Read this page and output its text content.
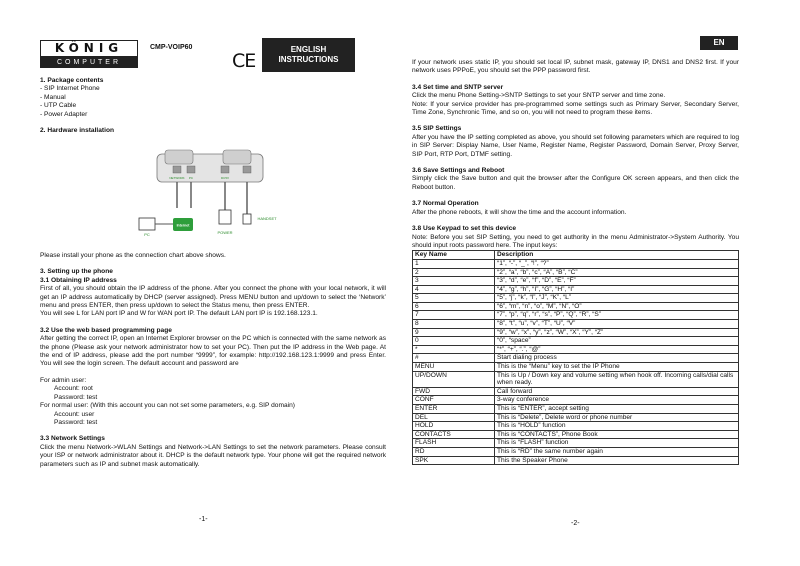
KÖNIG
COMPUTER
CMP-VOIP60
CE
ENGLISH
INSTRUCTIONS
EN

1. Package contents

- SIP Internet Phone

- Manual

- UTP Cable

- Power Adapter

2. Hardware installation

Please install your phone as the connection chart above shows.

3. Setting up the phone

3.1 Obtaining IP address

First of all, you should obtain the IP address of the phone. After you connect the phone with your local network, it will get an IP address automatically by DHCP (server assigned). Press MENU button and up/down to select the ‘Network’ menu and press ENTER, then press up/down to select the Status menu, then press ENTER.

You will see L for LAN port IP and W for WAN port IP. The default LAN port IP is 192.168.123.1.

3.2 Use the web based programming page

After getting the correct IP, open an Internet Explorer browser on the PC which is connected with the same network as the phone (Please ask your network administrator how to set your PC). Then put the IP address in the Web page. At the end of IP address, please add the port number “9999”, for example: http://192.168.123.1:9999 and press Enter. You will see the login screen. The default account and password are

For admin user:

Account: root

Password: test

For normal user: (With this account you can not set some parameters, e.g. SIP domain)

Account: user

Password: test

3.3 Network Settings

Click the menu Network->WLAN Settings and Network->LAN Settings to set the network parameters. Please consult your ISP or network administrator about it. DHCP is the default network type. Your phone will get the required network parameters such as IP and subnet mask automatically.

NETWORK PC	DC5V
Internet
PC	POWER
HANDSET
-1-

If your network uses static IP, you should set local IP, subnet mask, gateway IP, DNS1 and DNS2 first. If your network uses PPPoE, you should set the PPP password first.

3.4 Set time and SNTP server

Click the menu Phone Setting->SNTP Settings to set your SNTP server and time zone.

Note: If your service provider has pre-programmed some settings such as Primary Server, Secondary Server, Time Zone, Synchronic Time, and so on, you will not need to program these items.

3.5 SIP Settings

After you have the IP setting completed as above, you should set following parameters which are required to log in SIP Server: Display Name, User Name, Register Name, Register Password, Domain Server, Proxy Server, SIP Port, RTP Port, DTMF setting.

3.6 Save Settings and Reboot

Simply click the Save button and quit the browser after the Configure OK screen appears, and then click the Reboot button.

3.7 Normal Operation

After the phone reboots, it will show the time and the account information.

3.8 Use Keypad to set this device

Note: Before you set SIP Setting, you need to get authority in the menu Administrator->System Authority. You should input roots password here. The input keys:

Key Name	Description
1	“1”, “-”, “_”, “!”, “?”
2	“2”, “a”, “b”, “c”, “A”, “B”, “C”
3	“3”, “d”, “e”, “f”, “D”, “E”, “F”
4	“4”, “g”, “h”, “I”, “G”, “H”, “I”
5	“5”, “j”, “k”, “l”, “J”, “K”, “L”
6	“6”, “m”, “n”, “o”, “M”, “N”, “O”
7	“7”, “p”, “q”, “r”, “s”, “P”, “Q”, “R”, “S”
8	“8”, “t”, “u”, “v”, “T”, “U”, “V”
9	“9”, “w”, “x”, “y”, “z”, “W”, “X”, “Y”, “Z”
0	“0”, “space”
*	“*”, “+”, “.”, “@”
#	Start dialing process
MENU	This is the “Menu” key to set the IP Phone
UP/DOWN	This is Up / Down key and volume setting when hook off. Incoming calls/dial calls when ready.
FWD	Call forward
CONF	3-way conference
ENTER	This is “ENTER”, accept setting
DEL	This is “Delete”, Delete word or phone number
HOLD	This is “HOLD” function
CONTACTS	This is “CONTACTS”, Phone Book
FLASH	This is “FLASH” function
RD	This is “RD” the same number again
SPK	This the Speaker Phone
-2-
